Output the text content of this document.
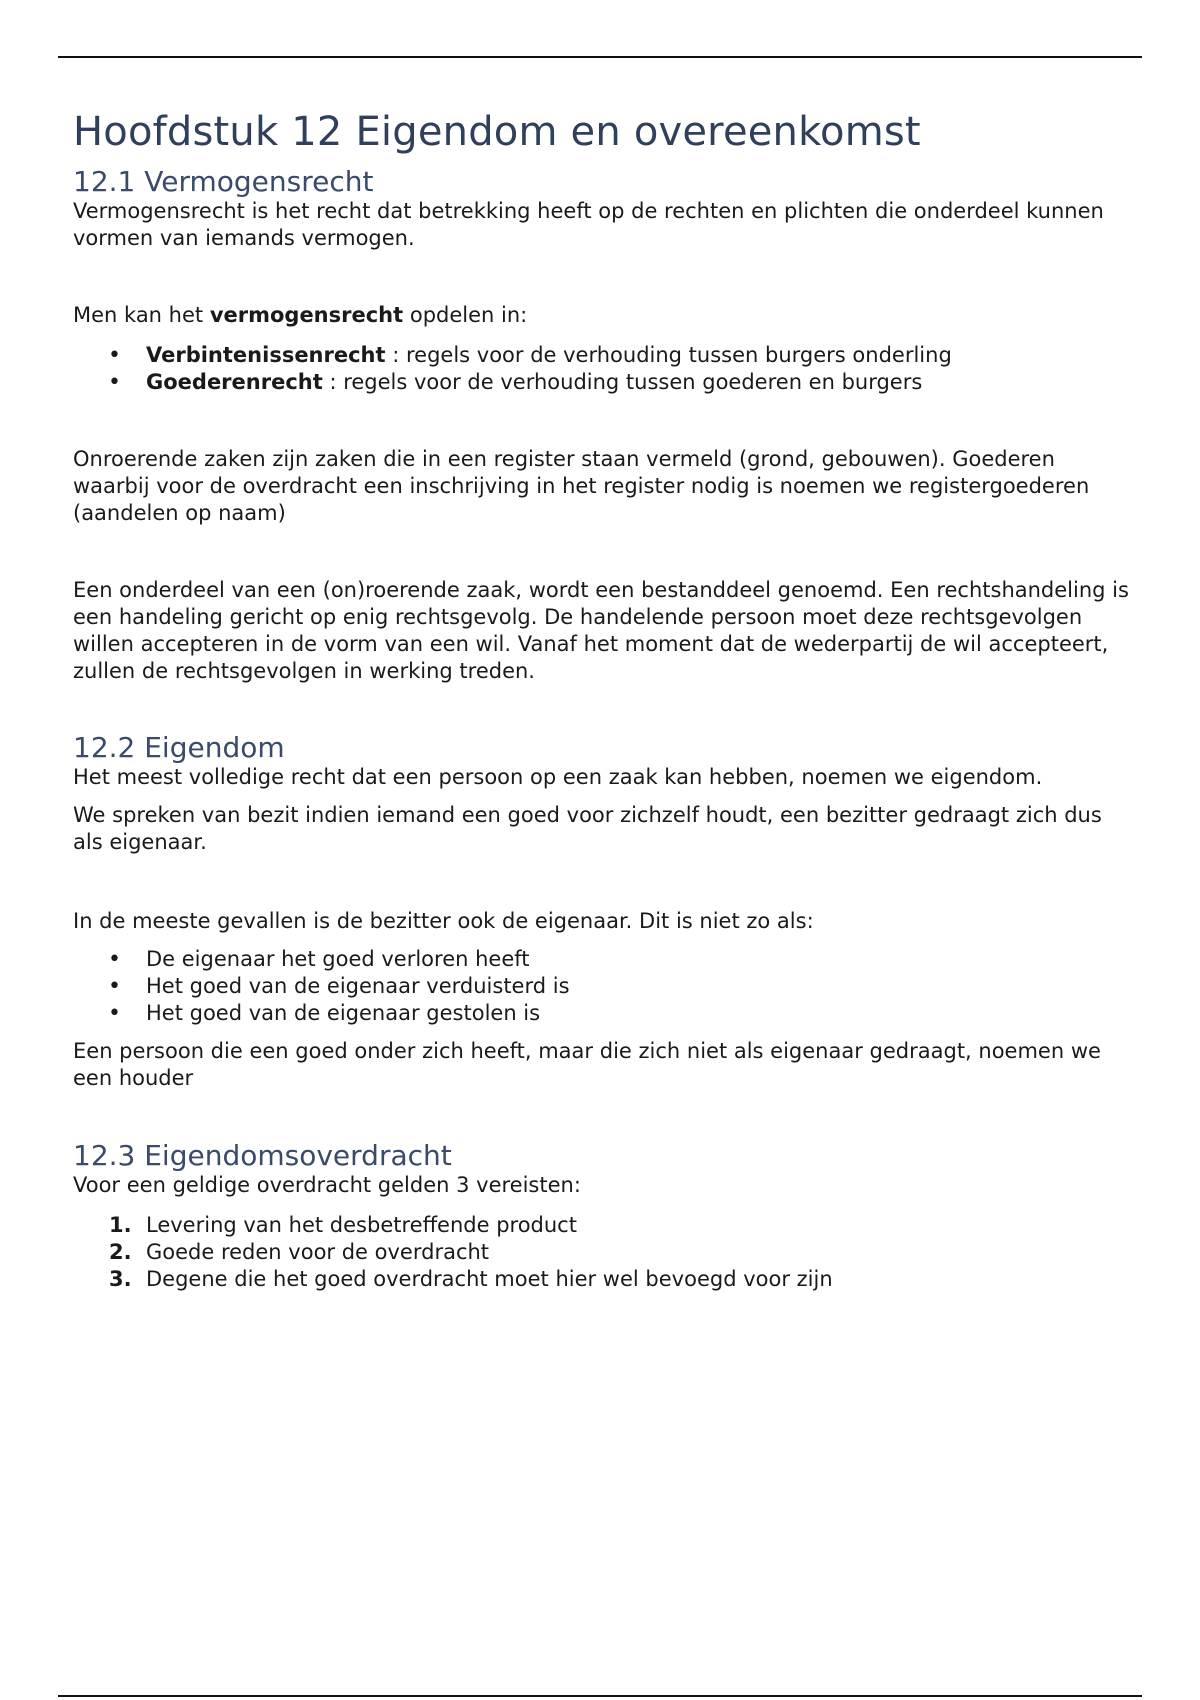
Hoofdstuk 12 Eigendom en overeenkomst
12.1 Vermogensrecht

Vermogensrecht is het recht dat betrekking heeft op de rechten en plichten die onderdeel kunnen vormen van iemands vermogen.

Men kan het vermogensrecht opdelen in:

• Verbintenissenrecht : regels voor de verhouding tussen burgers onderling
• Goederenrecht : regels voor de verhouding tussen goederen en burgers

Onroerende zaken zijn zaken die in een register staan vermeld (grond, gebouwen). Goederen waarbij voor de overdracht een inschrijving in het register nodig is noemen we registergoederen (aandelen op naam)

Een onderdeel van een (on)roerende zaak, wordt een bestanddeel genoemd. Een rechtshandeling is een handeling gericht op enig rechtsgevolg. De handelende persoon moet deze rechtsgevolgen willen accepteren in de vorm van een wil. Vanaf het moment dat de wederpartij de wil accepteert, zullen de rechtsgevolgen in werking treden.

12.2 Eigendom

Het meest volledige recht dat een persoon op een zaak kan hebben, noemen we eigendom.

We spreken van bezit indien iemand een goed voor zichzelf houdt, een bezitter gedraagt zich dus als eigenaar.

In de meeste gevallen is de bezitter ook de eigenaar. Dit is niet zo als:

• De eigenaar het goed verloren heeft
• Het goed van de eigenaar verduisterd is
• Het goed van de eigenaar gestolen is

Een persoon die een goed onder zich heeft, maar die zich niet als eigenaar gedraagt, noemen we een houder

12.3 Eigendomsoverdracht

Voor een geldige overdracht gelden 3 vereisten:

1. Levering van het desbetreffende product
2. Goede reden voor de overdracht
3. Degene die het goed overdracht moet hier wel bevoegd voor zijn
